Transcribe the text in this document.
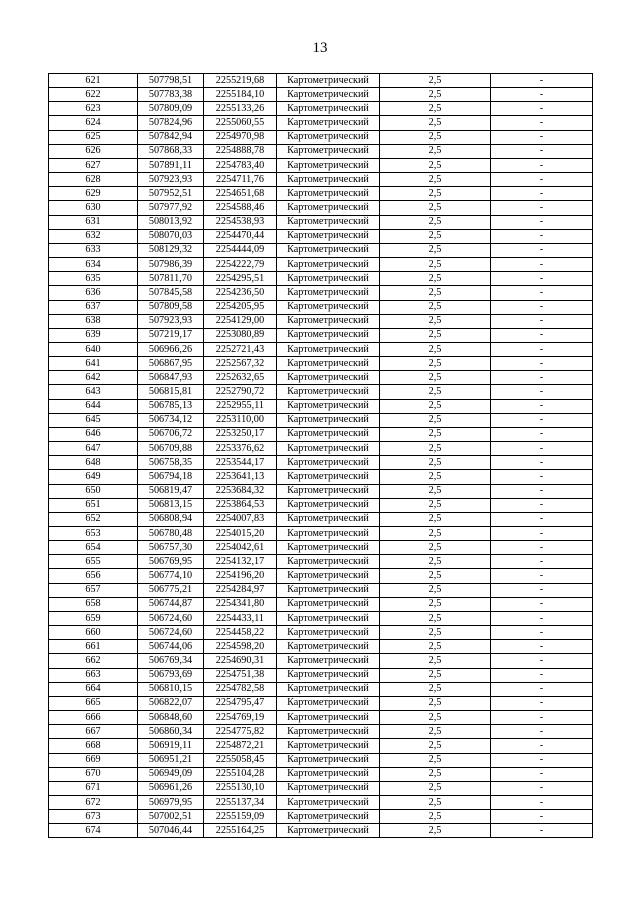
13
621	507798,51	2255219,68	Картометрический	2,5	-
622	507783,38	2255184,10	Картометрический	2,5	-
623	507809,09	2255133,26	Картометрический	2,5	-
624	507824,96	2255060,55	Картометрический	2,5	-
625	507842,94	2254970,98	Картометрический	2,5	-
626	507868,33	2254888,78	Картометрический	2,5	-
627	507891,11	2254783,40	Картометрический	2,5	-
628	507923,93	2254711,76	Картометрический	2,5	-
629	507952,51	2254651,68	Картометрический	2,5	-
630	507977,92	2254588,46	Картометрический	2,5	-
631	508013,92	2254538,93	Картометрический	2,5	-
632	508070,03	2254470,44	Картометрический	2,5	-
633	508129,32	2254444,09	Картометрический	2,5	-
634	507986,39	2254222,79	Картометрический	2,5	-
635	507811,70	2254295,51	Картометрический	2,5	-
636	507845,58	2254236,50	Картометрический	2,5	-
637	507809,58	2254205,95	Картометрический	2,5	-
638	507923,93	2254129,00	Картометрический	2,5	-
639	507219,17	2253080,89	Картометрический	2,5	-
640	506966,26	2252721,43	Картометрический	2,5	-
641	506867,95	2252567,32	Картометрический	2,5	-
642	506847,93	2252632,65	Картометрический	2,5	-
643	506815,81	2252790,72	Картометрический	2,5	-
644	506785,13	2252955,11	Картометрический	2,5	-
645	506734,12	2253110,00	Картометрический	2,5	-
646	506706,72	2253250,17	Картометрический	2,5	-
647	506709,88	2253376,62	Картометрический	2,5	-
648	506758,35	2253544,17	Картометрический	2,5	-
649	506794,18	2253641,13	Картометрический	2,5	-
650	506819,47	2253684,32	Картометрический	2,5	-
651	506813,15	2253864,53	Картометрический	2,5	-
652	506808,94	2254007,83	Картометрический	2,5	-
653	506780,48	2254015,20	Картометрический	2,5	-
654	506757,30	2254042,61	Картометрический	2,5	-
655	506769,95	2254132,17	Картометрический	2,5	-
656	506774,10	2254196,20	Картометрический	2,5	-
657	506775,21	2254284,97	Картометрический	2,5	-
658	506744,87	2254341,80	Картометрический	2,5	-
659	506724,60	2254433,11	Картометрический	2,5	-
660	506724,60	2254458,22	Картометрический	2,5	-
661	506744,06	2254598,20	Картометрический	2,5	-
662	506769,34	2254690,31	Картометрический	2,5	-
663	506793,69	2254751,38	Картометрический	2,5	-
664	506810,15	2254782,58	Картометрический	2,5	-
665	506822,07	2254795,47	Картометрический	2,5	-
666	506848,60	2254769,19	Картометрический	2,5	-
667	506860,34	2254775,82	Картометрический	2,5	-
668	506919,11	2254872,21	Картометрический	2,5	-
669	506951,21	2255058,45	Картометрический	2,5	-
670	506949,09	2255104,28	Картометрический	2,5	-
671	506961,26	2255130,10	Картометрический	2,5	-
672	506979,95	2255137,34	Картометрический	2,5	-
673	507002,51	2255159,09	Картометрический	2,5	-
674	507046,44	2255164,25	Картометрический	2,5	-
